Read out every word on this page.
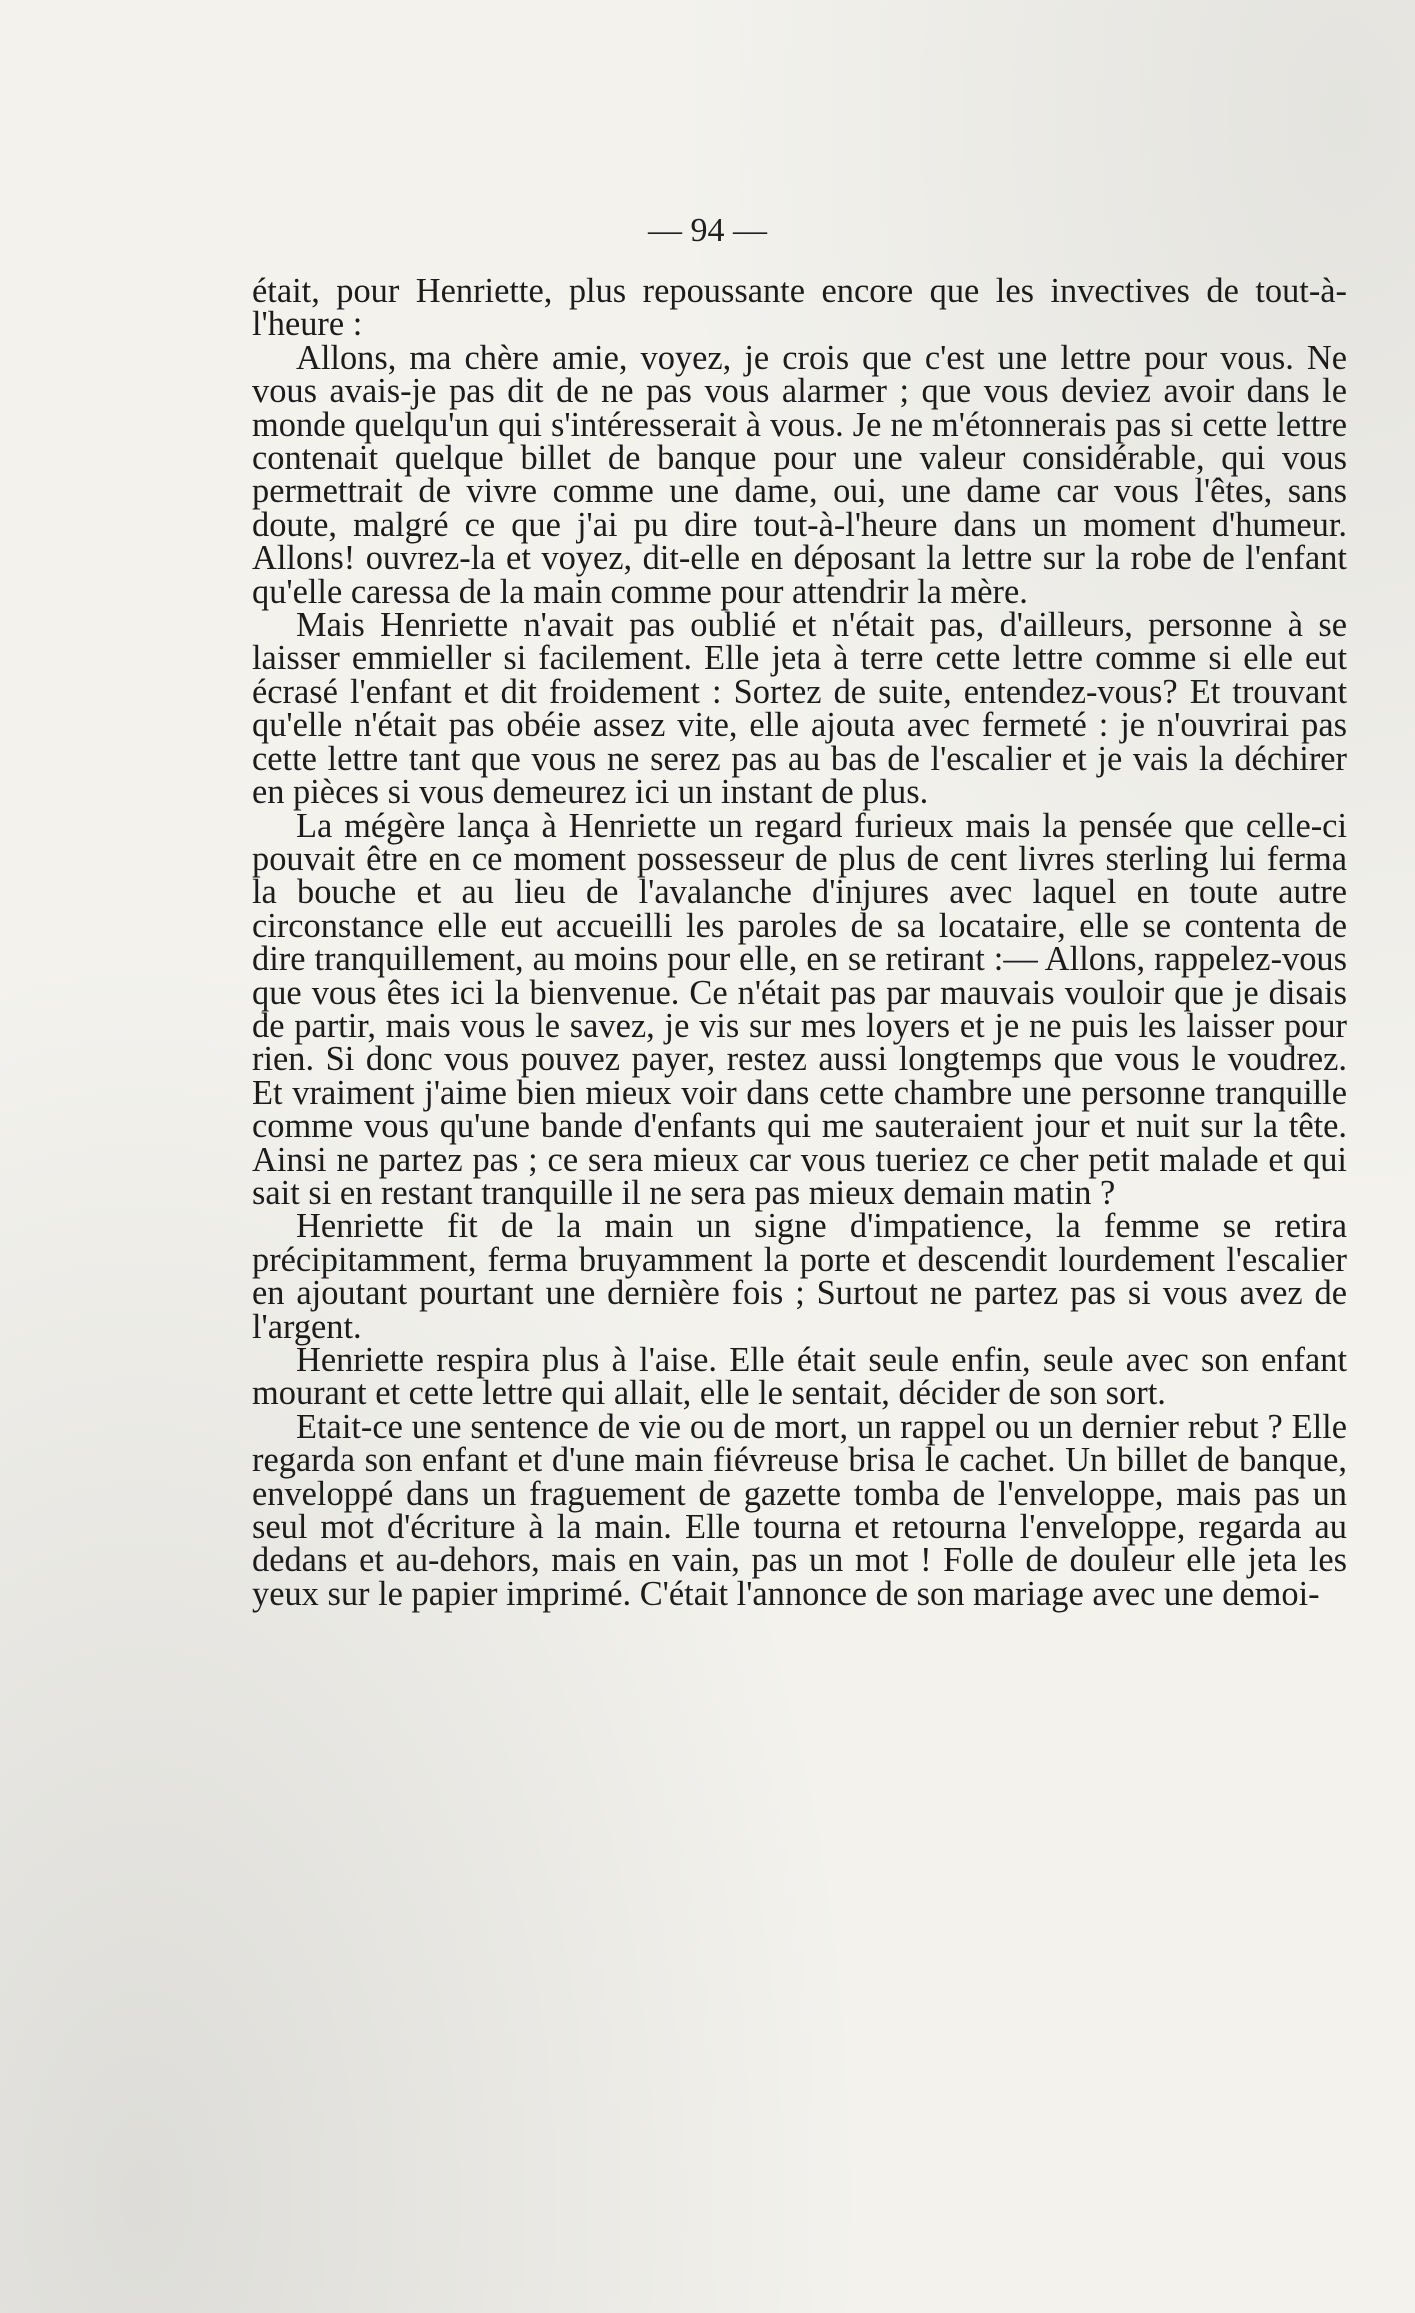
— 94 —

était, pour Henriette, plus repoussante encore que les invectives de tout-à-l'heure :

Allons, ma chère amie, voyez, je crois que c'est une lettre pour vous. Ne vous avais-je pas dit de ne pas vous alarmer ; que vous deviez avoir dans le monde quelqu'un qui s'intéresserait à vous. Je ne m'étonnerais pas si cette lettre contenait quelque billet de banque pour une valeur considérable, qui vous permettrait de vivre comme une dame, oui, une dame car vous l'êtes, sans doute, malgré ce que j'ai pu dire tout-à-l'heure dans un moment d'humeur. Allons! ouvrez-la et voyez, dit-elle en déposant la lettre sur la robe de l'enfant qu'elle caressa de la main comme pour attendrir la mère.

Mais Henriette n'avait pas oublié et n'était pas, d'ailleurs, personne à se laisser emmieller si facilement. Elle jeta à terre cette lettre comme si elle eut écrasé l'enfant et dit froidement : Sortez de suite, entendez-vous? Et trouvant qu'elle n'était pas obéie assez vite, elle ajouta avec fermeté : je n'ouvrirai pas cette lettre tant que vous ne serez pas au bas de l'escalier et je vais la déchirer en pièces si vous demeurez ici un instant de plus.

La mégère lança à Henriette un regard furieux mais la pensée que celle-ci pouvait être en ce moment possesseur de plus de cent livres sterling lui ferma la bouche et au lieu de l'avalanche d'injures avec laquel en toute autre circonstance elle eut accueilli les paroles de sa locataire, elle se contenta de dire tranquillement, au moins pour elle, en se retirant :— Allons, rappelez-vous que vous êtes ici la bienvenue. Ce n'était pas par mauvais vouloir que je disais de partir, mais vous le savez, je vis sur mes loyers et je ne puis les laisser pour rien. Si donc vous pouvez payer, restez aussi longtemps que vous le voudrez. Et vraiment j'aime bien mieux voir dans cette chambre une personne tranquille comme vous qu'une bande d'enfants qui me sauteraient jour et nuit sur la tête. Ainsi ne partez pas ; ce sera mieux car vous tueriez ce cher petit malade et qui sait si en restant tranquille il ne sera pas mieux demain matin ?

Henriette fit de la main un signe d'impatience, la femme se retira précipitamment, ferma bruyamment la porte et descendit lourdement l'escalier en ajoutant pourtant une dernière fois ; Surtout ne partez pas si vous avez de l'argent.

Henriette respira plus à l'aise. Elle était seule enfin, seule avec son enfant mourant et cette lettre qui allait, elle le sentait, décider de son sort.

Etait-ce une sentence de vie ou de mort, un rappel ou un dernier rebut ? Elle regarda son enfant et d'une main fiévreuse brisa le cachet. Un billet de banque, enveloppé dans un fraguement de gazette tomba de l'enveloppe, mais pas un seul mot d'écriture à la main. Elle tourna et retourna l'enveloppe, regarda au dedans et au-dehors, mais en vain, pas un mot ! Folle de douleur elle jeta les yeux sur le papier imprimé. C'était l'annonce de son mariage avec une demoi-
